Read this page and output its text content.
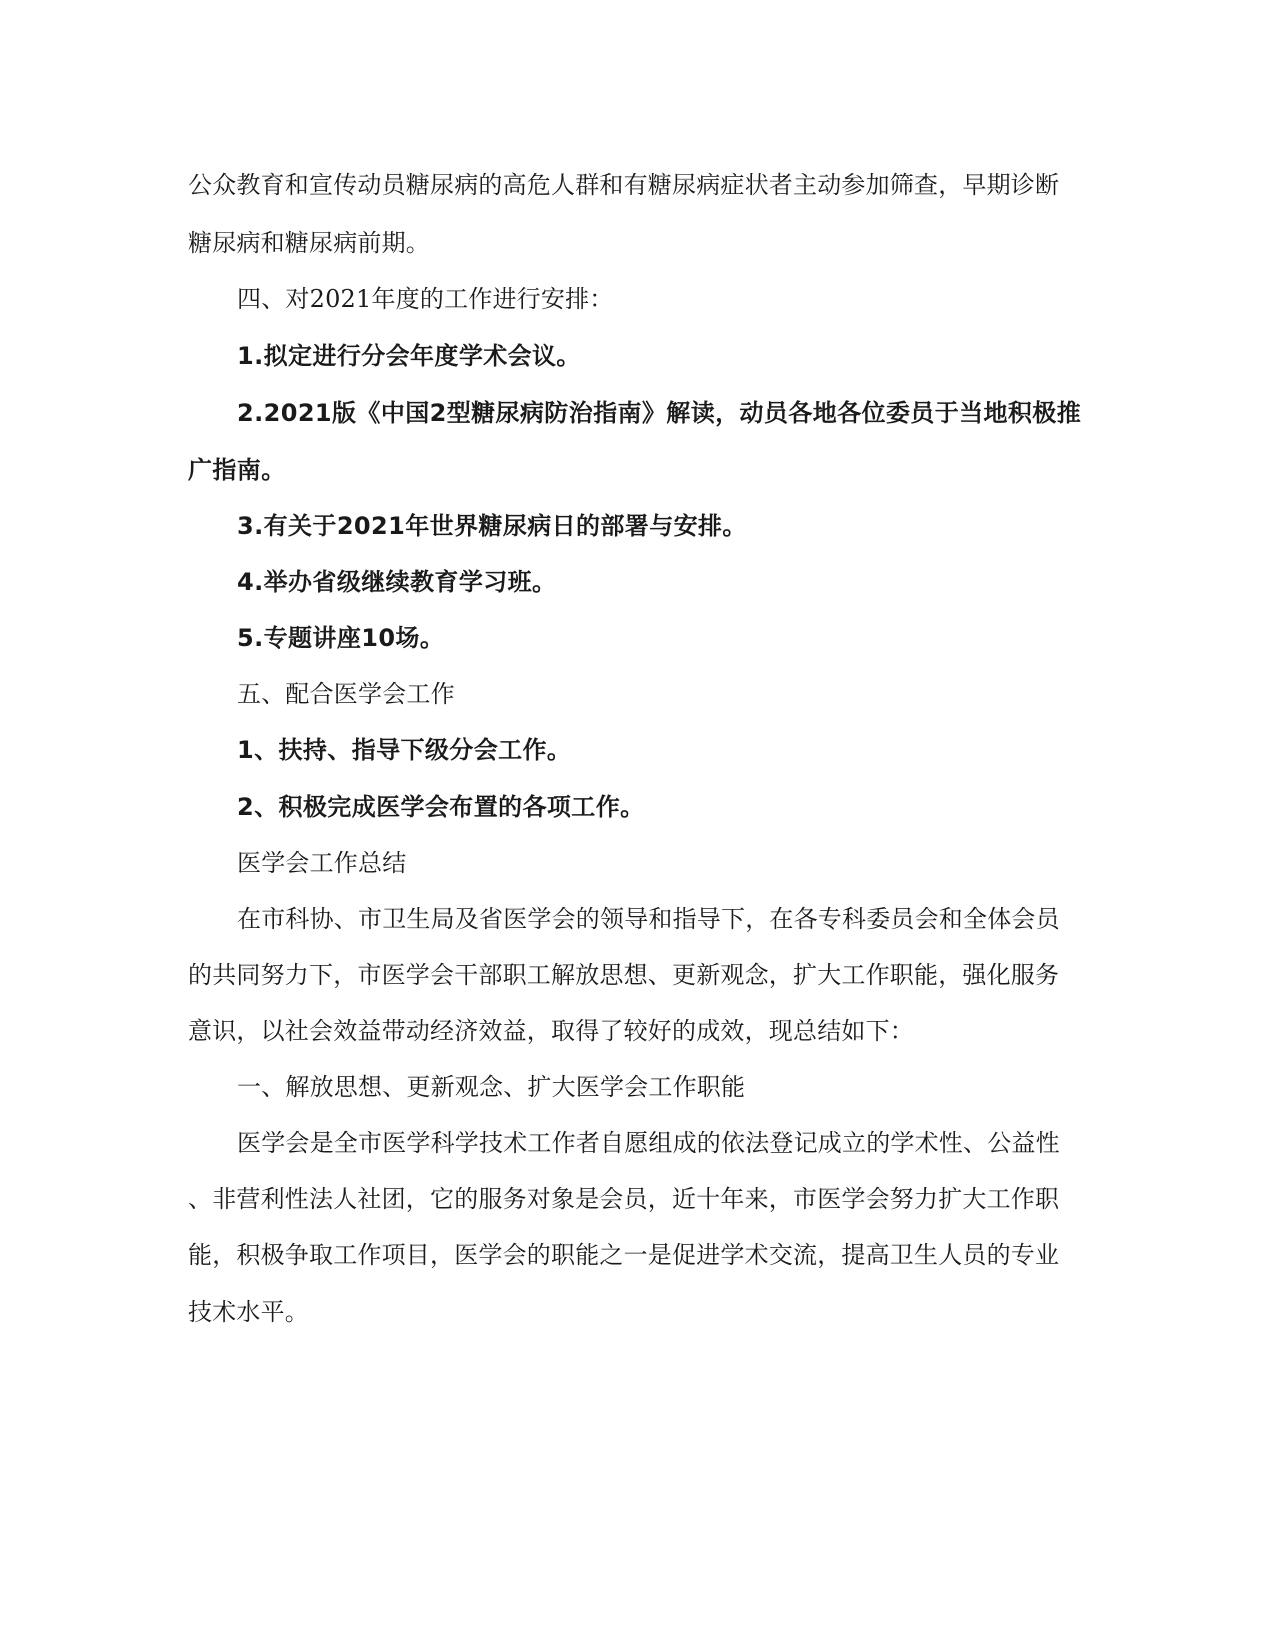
公众教育和宣传动员糖尿病的高危人群和有糖尿病症状者主动参加筛查，早期诊断

糖尿病和糖尿病前期。

四、对2021年度的工作进行安排：

1.拟定进行分会年度学术会议。

2.2021版《中国2型糖尿病防治指南》解读，动员各地各位委员于当地积极推

广指南。

3.有关于2021年世界糖尿病日的部署与安排。

4.举办省级继续教育学习班。

5.专题讲座10场。

五、配合医学会工作

1、扶持、指导下级分会工作。

2、积极完成医学会布置的各项工作。

医学会工作总结

在市科协、市卫生局及省医学会的领导和指导下，在各专科委员会和全体会员

的共同努力下，市医学会干部职工解放思想、更新观念，扩大工作职能，强化服务

意识，以社会效益带动经济效益，取得了较好的成效，现总结如下：

一、解放思想、更新观念、扩大医学会工作职能

医学会是全市医学科学技术工作者自愿组成的依法登记成立的学术性、公益性

、非营利性法人社团，它的服务对象是会员，近十年来，市医学会努力扩大工作职

能，积极争取工作项目，医学会的职能之一是促进学术交流，提高卫生人员的专业

技术水平。
